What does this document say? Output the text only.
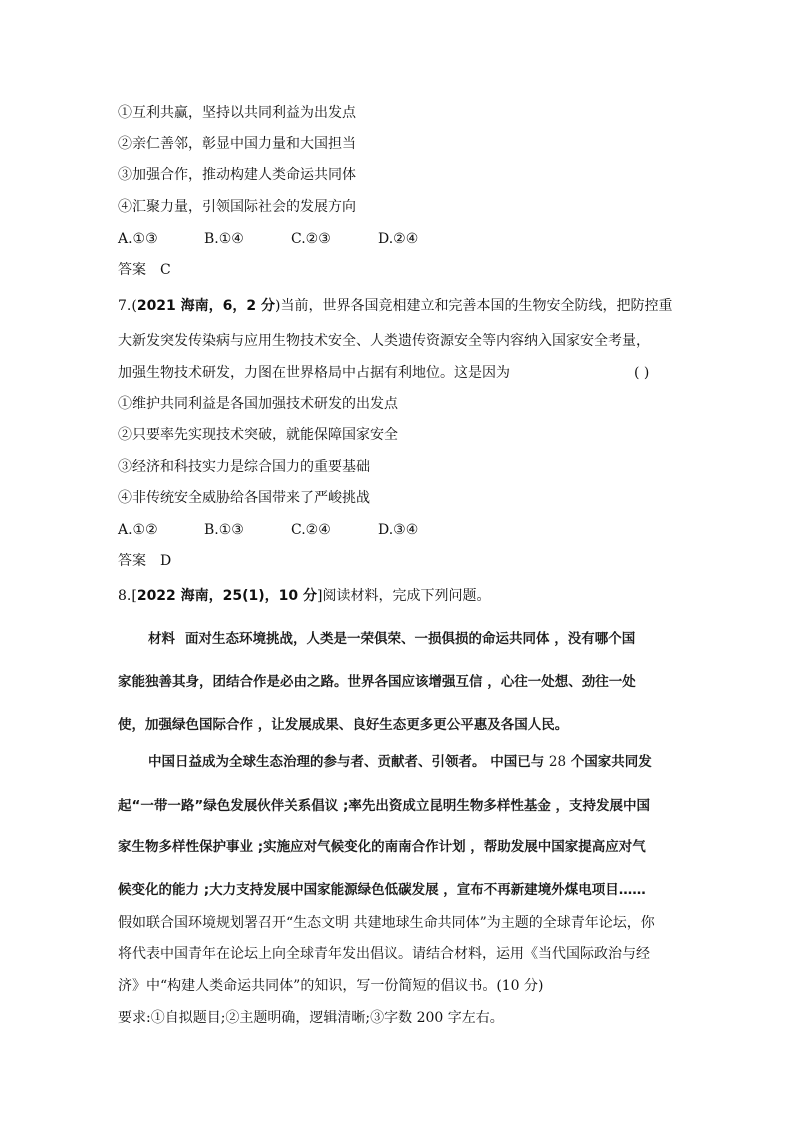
①互利共赢，坚持以共同利益为出发点
②亲仁善邻，彰显中国力量和大国担当
③加强合作，推动构建人类命运共同体
④汇聚力量，引领国际社会的发展方向
A.①③	B.①④	C.②③	D.②④
答案 C
7.(2021 海南，6，2 分)当前，世界各国竞相建立和完善本国的生物安全防线，把防控重
大新发突发传染病与应用生物技术安全、人类遗传资源安全等内容纳入国家安全考量，
加强生物技术研发，力图在世界格局中占据有利地位。这是因为	( )
①维护共同利益是各国加强技术研发的出发点
②只要率先实现技术突破，就能保障国家安全
③经济和科技实力是综合国力的重要基础
④非传统安全威胁给各国带来了严峻挑战
A.①②	B.①③	C.②④	D.③④
答案 D
8.[2022 海南，25(1)，10 分]阅读材料，完成下列问题。
材料 面对生态环境挑战，人类是一荣俱荣、一损俱损的命运共同体 ，没有哪个国
家能独善其身，团结合作是必由之路。世界各国应该增强互信 ，心往一处想、劲往一处
使，加强绿色国际合作 ，让发展成果、良好生态更多更公平惠及各国人民。
中国日益成为全球生态治理的参与者、贡献者、引领者。 中国已与 28 个国家共同发
起“一带一路”绿色发展伙伴关系倡议 ;率先出资成立昆明生物多样性基金 ，支持发展中国
家生物多样性保护事业 ;实施应对气候变化的南南合作计划 ，帮助发展中国家提高应对气
候变化的能力 ;大力支持发展中国家能源绿色低碳发展 ，宣布不再新建境外煤电项目……
假如联合国环境规划署召开“生态文明 共建地球生命共同体”为主题的全球青年论坛，你
将代表中国青年在论坛上向全球青年发出倡议。请结合材料，运用《当代国际政治与经
济》中“构建人类命运共同体”的知识，写一份简短的倡议书。(10 分)
要求:①自拟题目;②主题明确，逻辑清晰;③字数 200 字左右。
